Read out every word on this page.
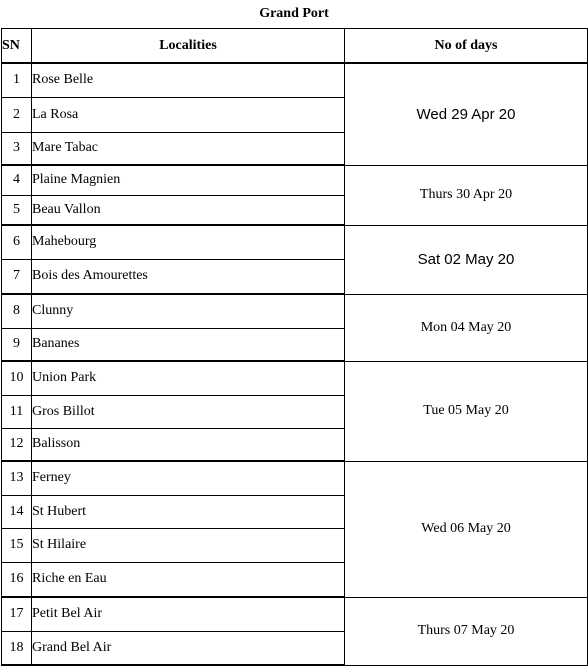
Grand Port
SN	Localities	No of days
1	Rose Belle	Wed 29 Apr 20
2	La Rosa	
3	Mare Tabac	
4	Plaine Magnien	Thurs 30 Apr 20
5	Beau Vallon	
6	Mahebourg	Sat 02 May 20
7	Bois des Amourettes	
8	Clunny	Mon 04 May 20
9	Bananes	
10	Union Park	Tue 05 May 20
11	Gros Billot	
12	Balisson	
13	Ferney	Wed 06 May 20
14	St Hubert	
15	St Hilaire	
16	Riche en Eau	
17	Petit Bel Air	Thurs 07 May 20
18	Grand Bel Air	
